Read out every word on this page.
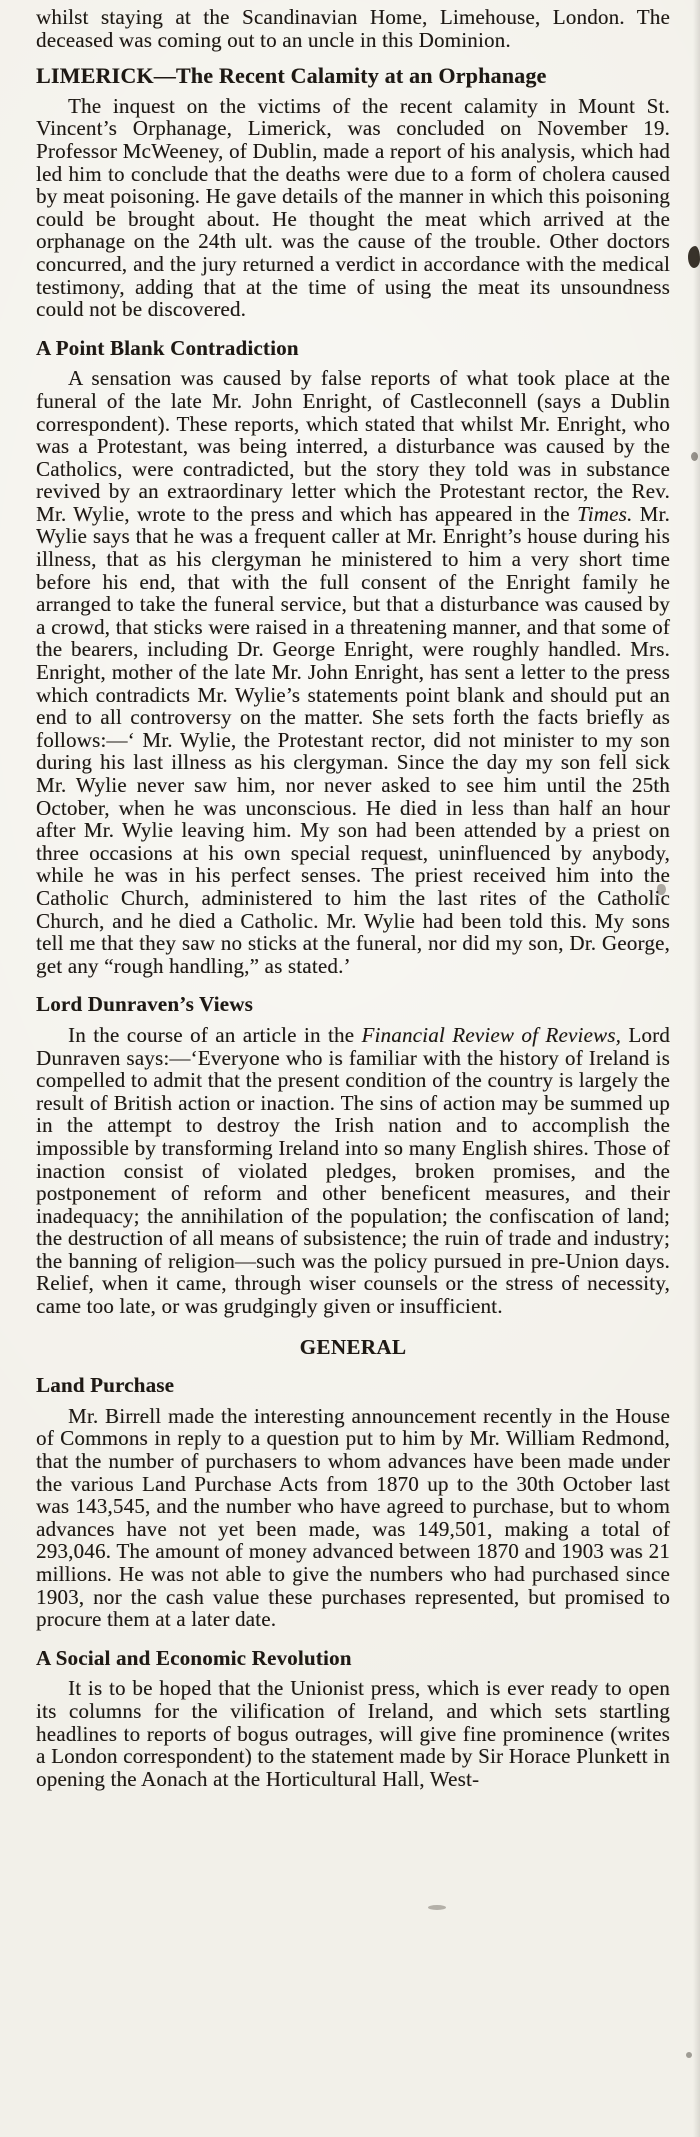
whilst staying at the Scandinavian Home, Limehouse, London. The deceased was coming out to an uncle in this Dominion.

LIMERICK—The Recent Calamity at an Orphanage

The inquest on the victims of the recent calamity in Mount St. Vincent’s Orphanage, Limerick, was concluded on November 19. Professor McWeeney, of Dublin, made a report of his analysis, which had led him to conclude that the deaths were due to a form of cholera caused by meat poisoning. He gave details of the manner in which this poisoning could be brought about. He thought the meat which arrived at the orphanage on the 24th ult. was the cause of the trouble. Other doctors concurred, and the jury returned a verdict in accordance with the medical testimony, adding that at the time of using the meat its unsoundness could not be discovered.

A Point Blank Contradiction

A sensation was caused by false reports of what took place at the funeral of the late Mr. John Enright, of Castleconnell (says a Dublin correspondent). These reports, which stated that whilst Mr. Enright, who was a Protestant, was being interred, a disturbance was caused by the Catholics, were contradicted, but the story they told was in substance revived by an extraordinary letter which the Protestant rector, the Rev. Mr. Wylie, wrote to the press and which has appeared in the Times. Mr. Wylie says that he was a frequent caller at Mr. Enright’s house during his illness, that as his clergyman he ministered to him a very short time before his end, that with the full consent of the Enright family he arranged to take the funeral service, but that a disturbance was caused by a crowd, that sticks were raised in a threatening manner, and that some of the bearers, including Dr. George Enright, were roughly handled. Mrs. Enright, mother of the late Mr. John Enright, has sent a letter to the press which contradicts Mr. Wylie’s statements point blank and should put an end to all controversy on the matter. She sets forth the facts briefly as follows:—‘ Mr. Wylie, the Protestant rector, did not minister to my son during his last illness as his clergyman. Since the day my son fell sick Mr. Wylie never saw him, nor never asked to see him until the 25th October, when he was unconscious. He died in less than half an hour after Mr. Wylie leaving him. My son had been attended by a priest on three occasions at his own special request, uninfluenced by anybody, while he was in his perfect senses. The priest received him into the Catholic Church, administered to him the last rites of the Catholic Church, and he died a Catholic. Mr. Wylie had been told this. My sons tell me that they saw no sticks at the funeral, nor did my son, Dr. George, get any “rough handling,” as stated.’

Lord Dunraven’s Views

In the course of an article in the Financial Review of Reviews, Lord Dunraven says:—‘Everyone who is familiar with the history of Ireland is compelled to admit that the present condition of the country is largely the result of British action or inaction. The sins of action may be summed up in the attempt to destroy the Irish nation and to accomplish the impossible by transforming Ireland into so many English shires. Those of inaction consist of violated pledges, broken promises, and the postponement of reform and other beneficent measures, and their inadequacy; the annihilation of the population; the confiscation of land; the destruction of all means of subsistence; the ruin of trade and industry; the banning of religion—such was the policy pursued in pre-Union days. Relief, when it came, through wiser counsels or the stress of necessity, came too late, or was grudgingly given or insufficient.

GENERAL
Land Purchase

Mr. Birrell made the interesting announcement recently in the House of Commons in reply to a question put to him by Mr. William Redmond, that the number of purchasers to whom advances have been made under the various Land Purchase Acts from 1870 up to the 30th October last was 143,545, and the number who have agreed to purchase, but to whom advances have not yet been made, was 149,501, making a total of 293,046. The amount of money advanced between 1870 and 1903 was 21 millions. He was not able to give the numbers who had purchased since 1903, nor the cash value these purchases represented, but promised to procure them at a later date.

A Social and Economic Revolution

It is to be hoped that the Unionist press, which is ever ready to open its columns for the vilification of Ireland, and which sets startling headlines to reports of bogus outrages, will give fine prominence (writes a London correspondent) to the statement made by Sir Horace Plunkett in opening the Aonach at the Horticultural Hall, West-
